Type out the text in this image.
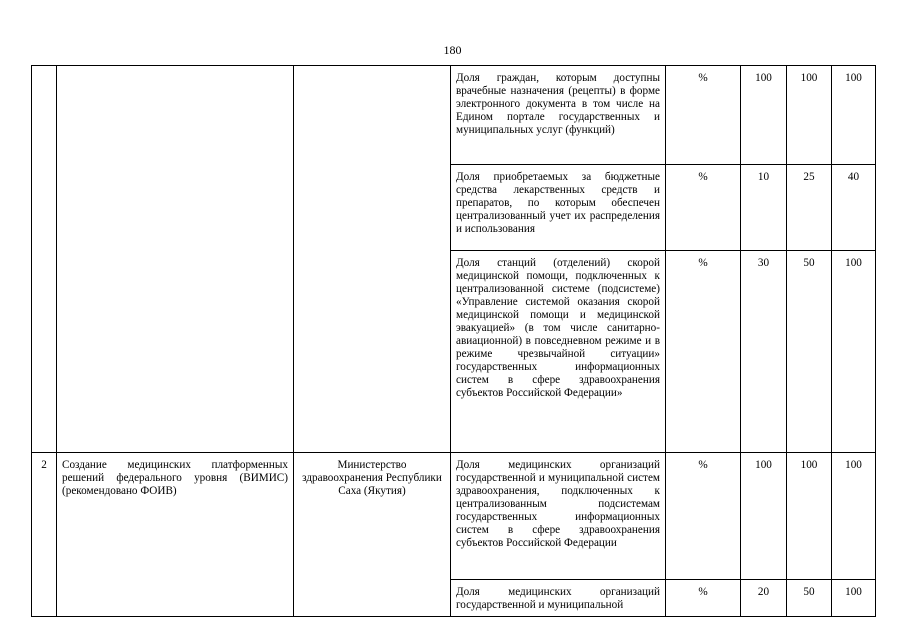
180
			Доля граждан, которым доступны врачебные назначения (рецепты) в форме электронного документа в том числе на Едином портале государственных и муниципальных услуг (функций)	%	100	100	100
			Доля приобретаемых за бюджетные средства лекарственных средств и препаратов, по которым обеспечен централизованный учет их распределения и использования	%	10	25	40
			Доля станций (отделений) скорой медицинской помощи, подключенных к централизованной системе (подсистеме) «Управление системой оказания скорой медицинской помощи и медицинской эвакуацией» (в том числе санитарно-авиационной) в повседневном режиме и в режиме чрезвычайной ситуации» государственных информационных систем в сфере здравоохранения субъектов Российской Федерации»	%	30	50	100
2	Создание медицинских платформенных решений федерального уровня (ВИМИС) (рекомендовано ФОИВ)	Министерство здравоохранения Республики Саха (Якутия)	Доля медицинских организаций государственной и муниципальной систем здравоохранения, подключенных к централизованным подсистемам государственных информационных систем в сфере здравоохранения субъектов Российской Федерации	%	100	100	100
			Доля медицинских организаций государственной и муниципальной	%	20	50	100
